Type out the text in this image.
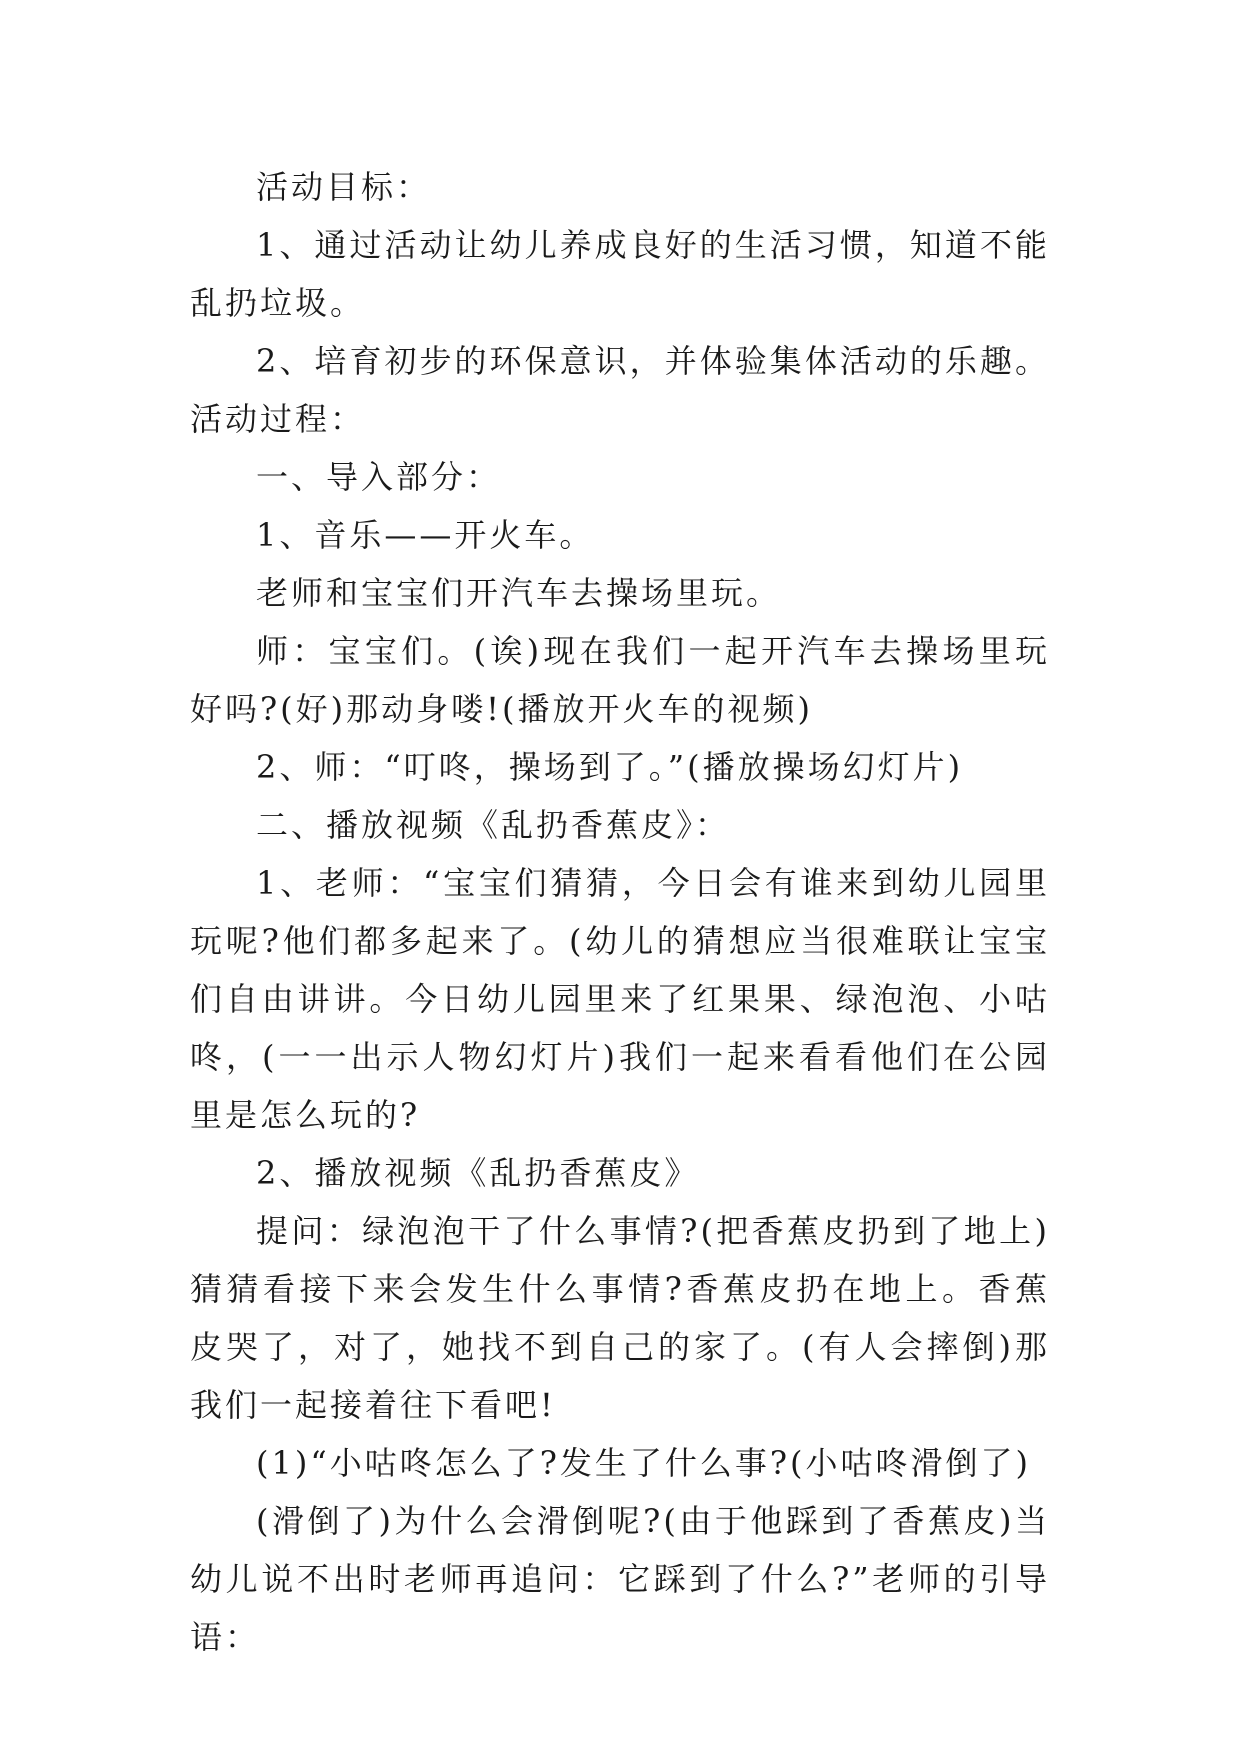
活动目标：

1、通过活动让幼儿养成良好的生活习惯，知道不能乱扔垃圾。

2、培育初步的环保意识，并体验集体活动的乐趣。活动过程：

一、导入部分：

1、音乐——开火车。

老师和宝宝们开汽车去操场里玩。

师：宝宝们。(诶)现在我们一起开汽车去操场里玩好吗?(好)那动身喽!(播放开火车的视频)

2、师：“叮咚，操场到了。”(播放操场幻灯片)

二、播放视频《乱扔香蕉皮》：

1、老师：“宝宝们猜猜，今日会有谁来到幼儿园里玩呢?他们都多起来了。(幼儿的猜想应当很难联让宝宝们自由讲讲。今日幼儿园里来了红果果、绿泡泡、小咕咚，(一一出示人物幻灯片)我们一起来看看他们在公园里是怎么玩的?

2、播放视频《乱扔香蕉皮》

提问：绿泡泡干了什么事情?(把香蕉皮扔到了地上)猜猜看接下来会发生什么事情?香蕉皮扔在地上。香蕉皮哭了，对了，她找不到自己的家了。(有人会摔倒)那我们一起接着往下看吧!

(1)“小咕咚怎么了?发生了什么事?(小咕咚滑倒了)

(滑倒了)为什么会滑倒呢?(由于他踩到了香蕉皮)当幼儿说不出时老师再追问：它踩到了什么?”老师的引导语：
